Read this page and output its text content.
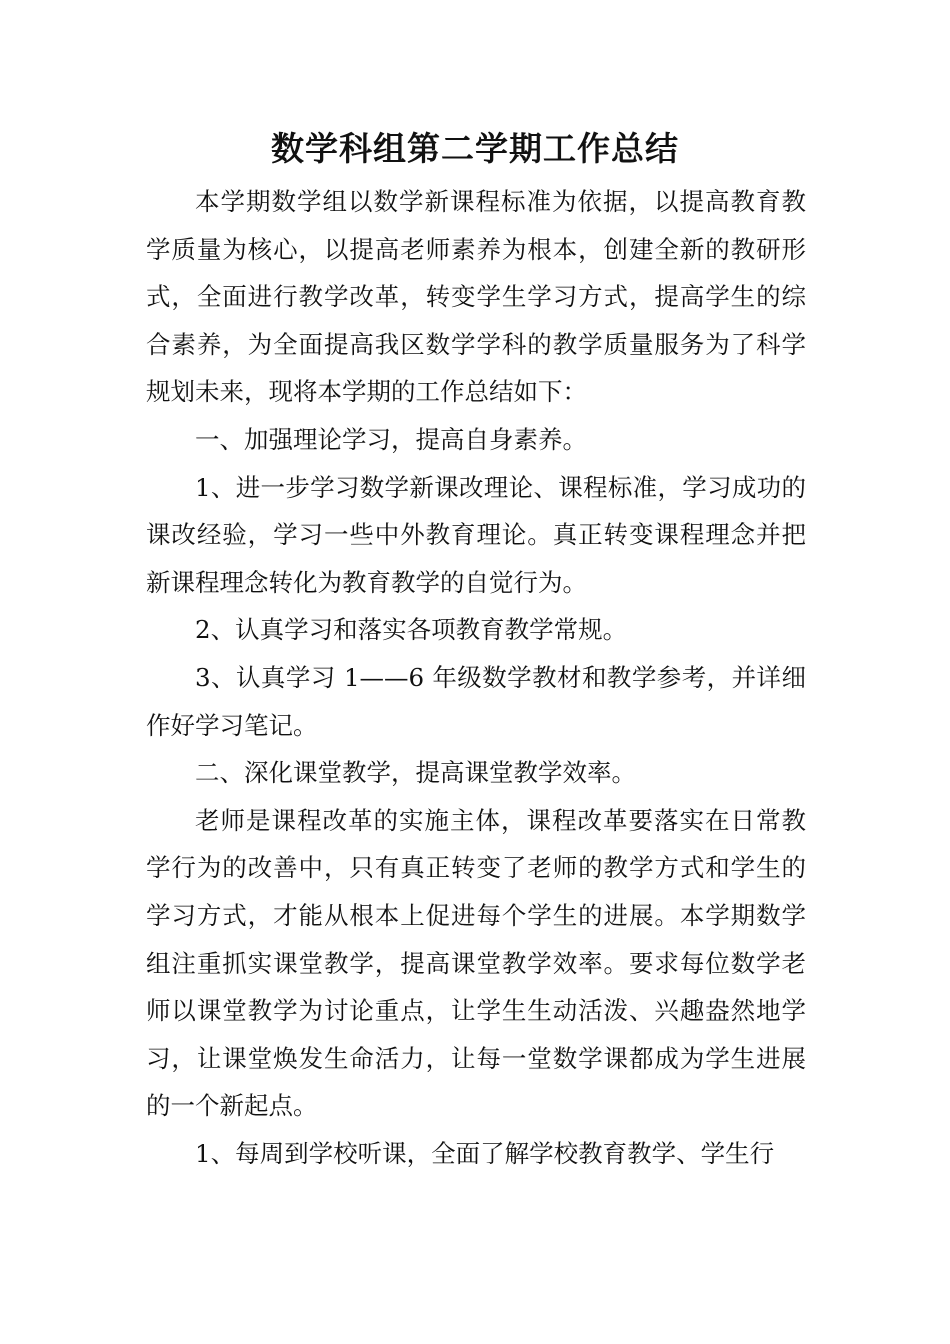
数学科组第二学期工作总结

本学期数学组以数学新课程标准为依据，以提高教育教学质量为核心，以提高老师素养为根本，创建全新的教研形式，全面进行教学改革，转变学生学习方式，提高学生的综合素养，为全面提高我区数学学科的教学质量服务为了科学规划未来，现将本学期的工作总结如下：

一、加强理论学习，提高自身素养。

1、进一步学习数学新课改理论、课程标准，学习成功的课改经验，学习一些中外教育理论。真正转变课程理念并把新课程理念转化为教育教学的自觉行为。

2、认真学习和落实各项教育教学常规。

3、认真学习 1——6 年级数学教材和教学参考，并详细作好学习笔记。

二、深化课堂教学，提高课堂教学效率。

老师是课程改革的实施主体，课程改革要落实在日常教学行为的改善中，只有真正转变了老师的教学方式和学生的学习方式，才能从根本上促进每个学生的进展。本学期数学组注重抓实课堂教学，提高课堂教学效率。要求每位数学老师以课堂教学为讨论重点，让学生生动活泼、兴趣盎然地学习，让课堂焕发生命活力，让每一堂数学课都成为学生进展的一个新起点。

1、每周到学校听课，全面了解学校教育教学、学生行
